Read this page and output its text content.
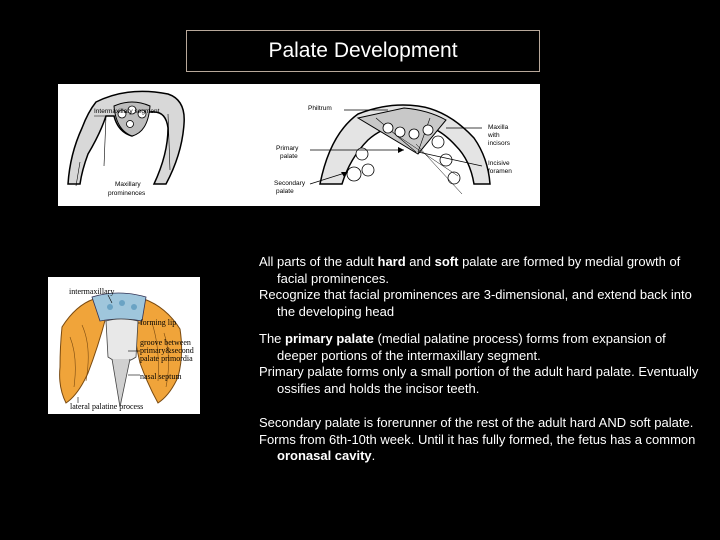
Palate Development
Intermaxillary segment
Maxillary
prominences
Philtrum
Primary
palate
Secondary
palate
Maxilla
with
incisors
Incisive
foramen
intermaxillary
forming lip
groove between
primary&second
palate primordia
nasal septum
lateral palatine process

All parts of the adult hard and soft palate are formed by medial growth of facial prominences.

Recognize that facial prominences are 3-dimensional, and extend back into the developing head

The primary palate (medial palatine process) forms from expansion of deeper portions of the intermaxillary segment.

Primary palate forms only a small portion of the adult hard palate. Eventually ossifies and holds the incisor teeth.

Secondary palate is forerunner of the rest of the adult hard AND soft palate.

Forms from 6th-10th week. Until it has fully formed, the fetus has a common oronasal cavity.
